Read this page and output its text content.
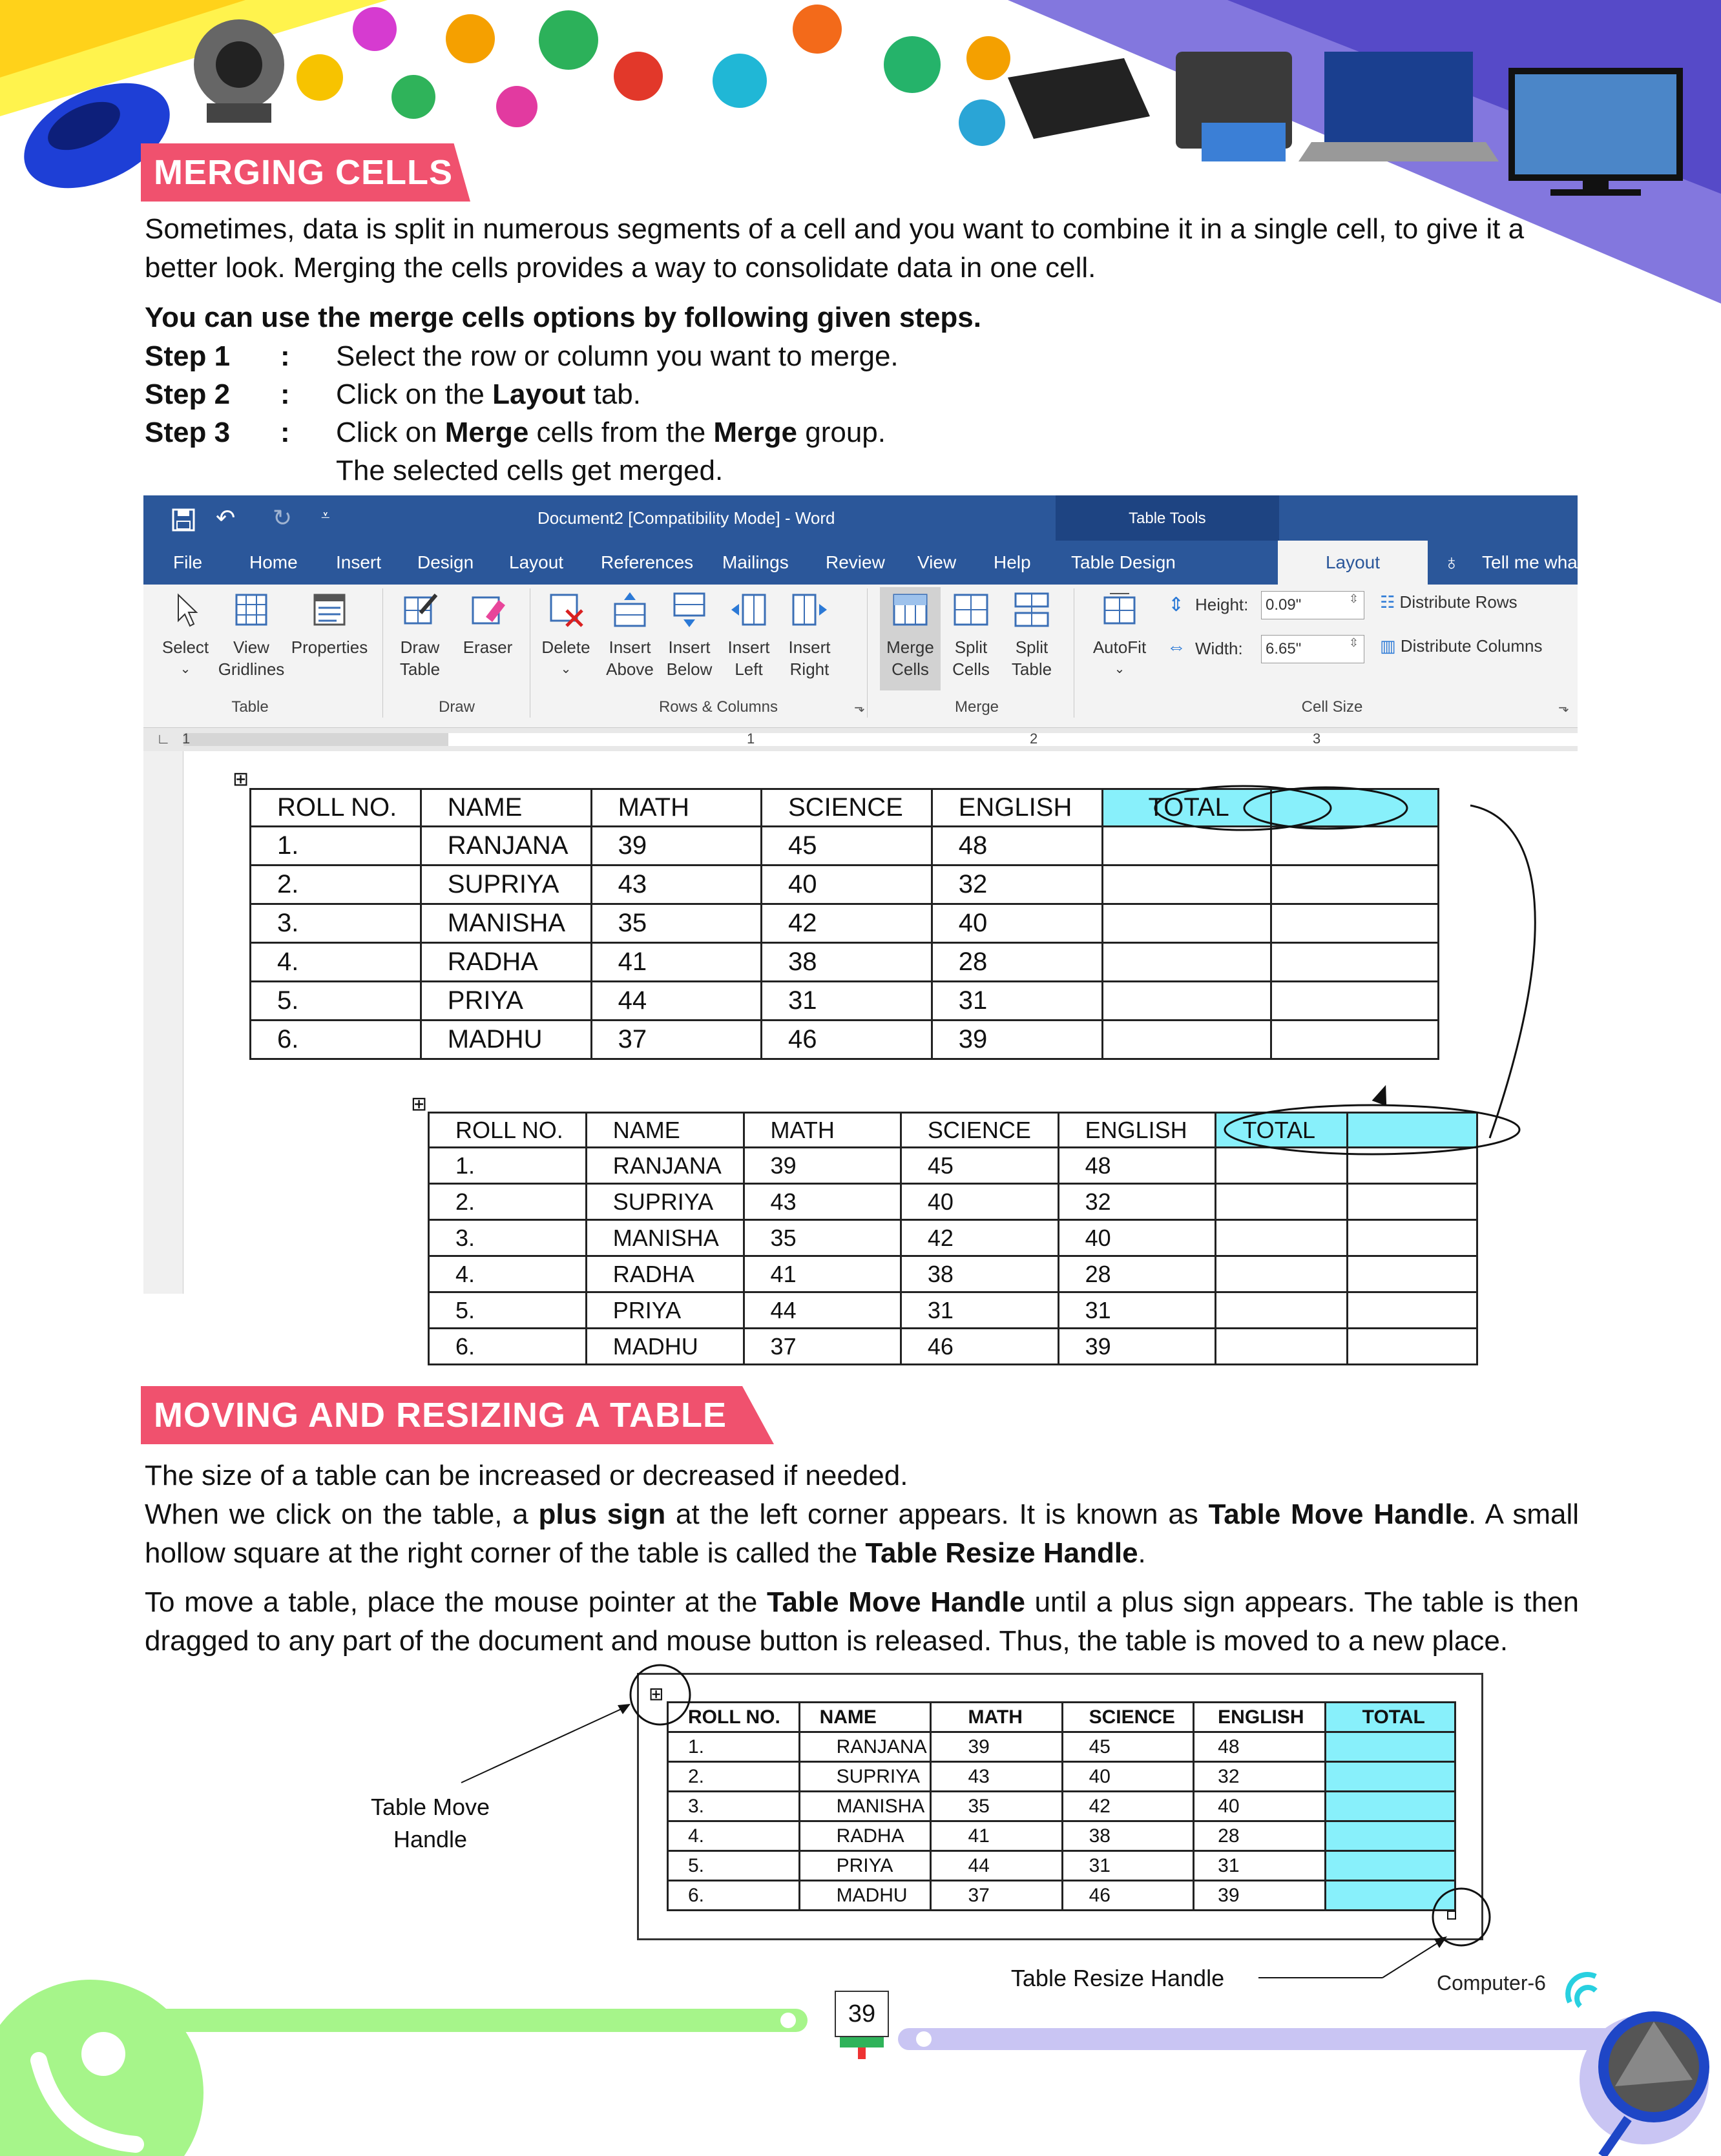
MERGING CELLS
Sometimes, data is split in numerous segments of a cell and you want to combine it in a single cell, to give it a better look. Merging the cells provides a way to consolidate data in one cell.
You can use the merge cells options by following given steps.
Step 1	: Select the row or column you want to merge.
Step 2	: Click on the Layout tab.
Step 3	: Click on Merge cells from the Merge group.
The selected cells get merged.
↶ ↻ ⩡	Document2 [Compatibility Mode] - Word	Table Tools
File	Home Insert Design Layout References Mailings Review View Help Table Design	Layout	♁ Tell me what you want to do
Select
⌄
View
Gridlines
Properties
Table
Draw
Table
Eraser
Draw
Delete
⌄
Insert
Above
Insert
Below
Insert
Left
Insert
Right
Rows & Columns
Merge
Cells
Split
Cells
Split
Table
Merge
AutoFit
⌄
⇕ Height: 0.09"	⇳
⇔ Width: 6.65"	⇳
☷ Distribute Rows
▥ Distribute Columns
Cell Size	⬎
⬎
1	1	2	3
∟
⊞
ROLL NO.	NAME	MATH	SCIENCE	ENGLISH	TOTAL	
1.	RANJANA	39	45	48		
2.	SUPRIYA	43	40	32		
3.	MANISHA	35	42	40		
4.	RADHA	41	38	28		
5.	PRIYA	44	31	31		
6.	MADHU	37	46	39		
⊞
ROLL NO.	NAME	MATH	SCIENCE	ENGLISH	TOTAL	
1.	RANJANA	39	45	48		
2.	SUPRIYA	43	40	32		
3.	MANISHA	35	42	40		
4.	RADHA	41	38	28		
5.	PRIYA	44	31	31		
6.	MADHU	37	46	39		
MOVING AND RESIZING A TABLE
The size of a table can be increased or decreased if needed.
When we click on the table, a plus sign at the left corner appears. It is known as Table Move Handle. A small hollow square at the right corner of the table is called the Table Resize Handle.
To move a table, place the mouse pointer at the Table Move Handle until a plus sign appears. The table is then dragged to any part of the document and mouse button is released. Thus, the table is moved to a new place.
⊞
ROLL NO.	NAME	MATH	SCIENCE	ENGLISH	TOTAL
1.	RANJANA	39	45	48	
2.	SUPRIYA	43	40	32	
3.	MANISHA	35	42	40	
4.	RADHA	41	38	28	
5.	PRIYA	44	31	31	
6.	MADHU	37	46	39	
Table Move Handle
Table Resize Handle
39
Computer-6
